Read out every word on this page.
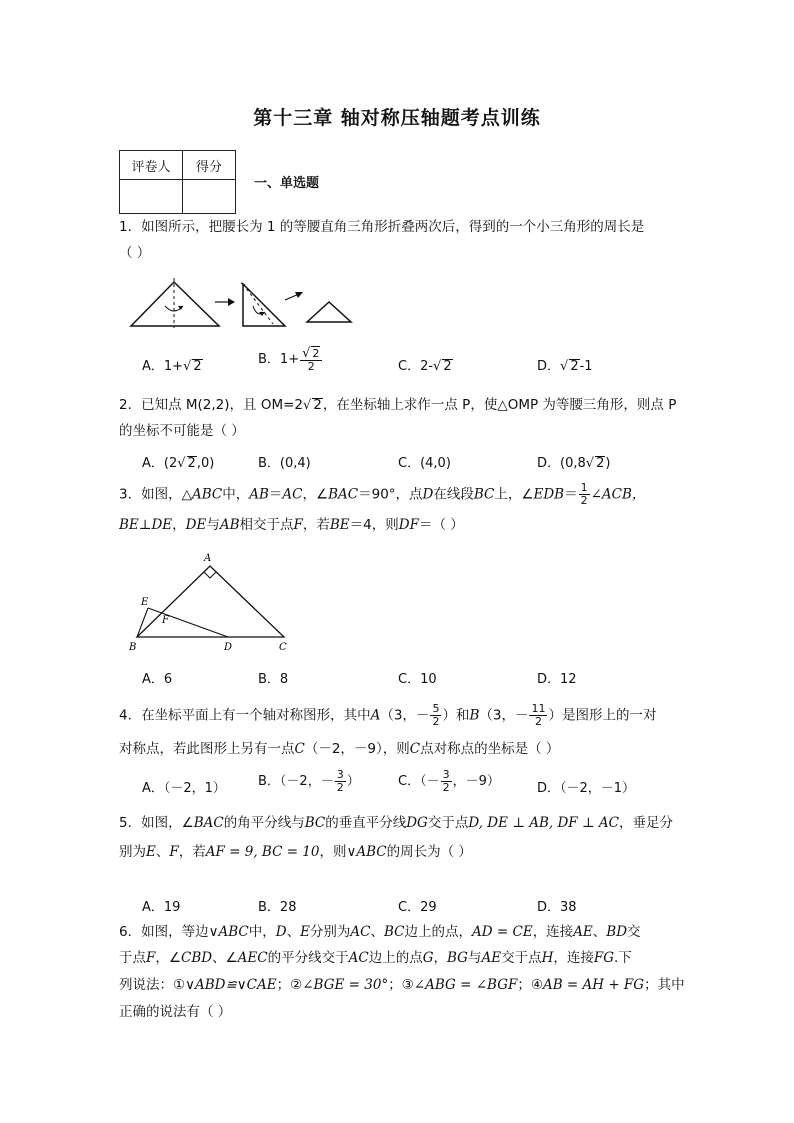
第十三章 轴对称压轴题考点训练
评卷人	得分

一、单选题
1．如图所示，把腰长为 1 的等腰直角三角形折叠两次后，得到的一个小三角形的周长是
（ ）
A．1+√ 2	B．$1+ \frac{√ 2}{2}$	C．2-√ 2	D．√ 2-1
2．已知点 M(2,2)，且 OM=2√ 2，在坐标轴上求作一点 P，使△OMP 为等腰三角形，则点 P
的坐标不可能是（ ）
A．(2√ 2,0)	B．(0,4)	C．(4,0)	D．(0,8√ 2)
3．如图，△ABC中，AB＝AC，∠BAC＝90°，点D在线段BC上，∠EDB＝ $\frac{1}{2}$ ∠ACB，
BE⊥DE，DE与AB相交于点F，若BE＝4，则DF＝（ ）
A
B	C
D
E
F
A．6	B．8	C．10	D．12
4．在坐标平面上有一个轴对称图形，其中A（3，－ $\frac{5}{2}$ ）和B（3，－ $\frac{11}{2}$ ）是图形上的一对
对称点，若此图形上另有一点C（－2，－9），则C点对称点的坐标是（ ）
A．（－2，1） B．（－2，－ $\frac{3}{2}$ ）	C．（－ $\frac{3}{2}$ ，－9）	D．（－2，－1）
5．如图，∠BAC的角平分线与BC的垂直平分线DG交于点D, DE ⊥ AB, DF ⊥ AC，垂足分
别为E、F，若AF = 9, BC = 10，则∨ABC的周长为（ ）
A．19	B．28	C．29	D．38
6．如图，等边∨ABC中，D、E分别为AC、BC边上的点，AD = CE，连接AE、BD交
于点F，∠CBD、∠AEC的平分线交于AC边上的点G，BG与AE交于点H，连接FG.下
列说法：①∨ABD≌∨CAE；②∠BGE = 30°；③∠ABG = ∠BGF；④AB = AH + FG；其中
正确的说法有（ ）
